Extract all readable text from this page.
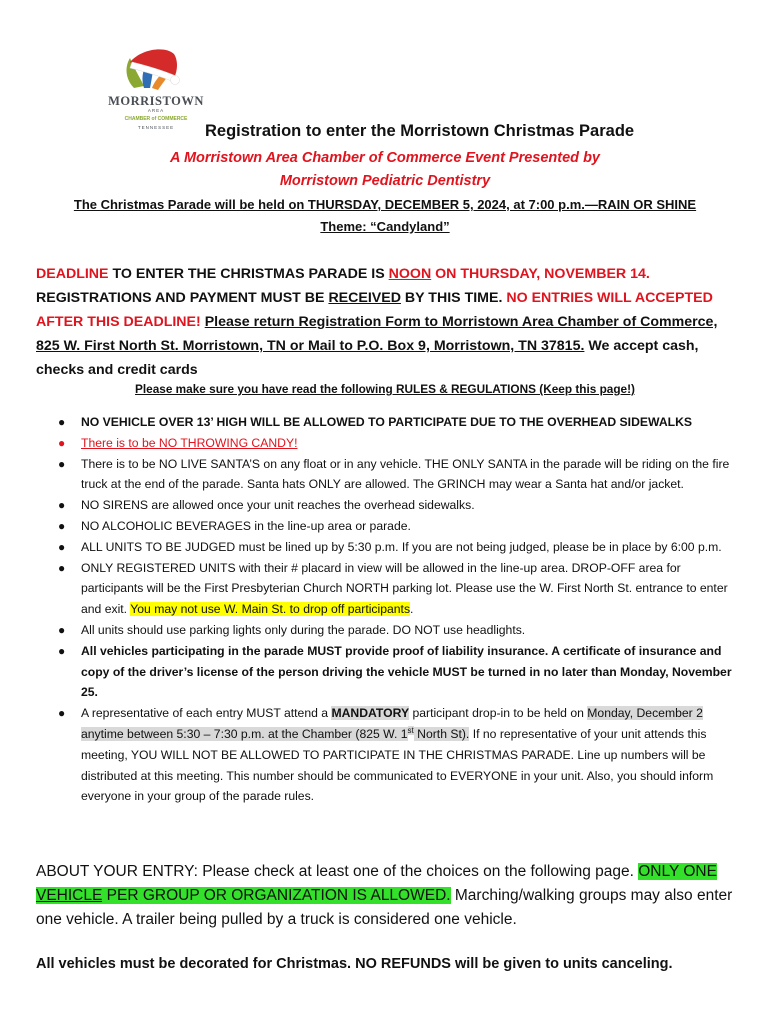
MORRISTOWN
AREA
CHAMBER of COMMERCE
TENNESSEE	Registration to enter the Morristown Christmas Parade
A Morristown Area Chamber of Commerce Event Presented by
Morristown Pediatric Dentistry
The Christmas Parade will be held on THURSDAY, DECEMBER 5, 2024, at 7:00 p.m.—RAIN OR SHINE
Theme: “Candyland”
DEADLINE TO ENTER THE CHRISTMAS PARADE IS NOON ON THURSDAY, NOVEMBER 14.
REGISTRATIONS AND PAYMENT MUST BE RECEIVED BY THIS TIME. NO ENTRIES WILL ACCEPTED AFTER THIS DEADLINE! Please return Registration Form to Morristown Area Chamber of Commerce, 825 W. First North St. Morristown, TN or Mail to P.O. Box 9, Morristown, TN 37815. We accept cash, checks and credit cards
Please make sure you have read the following RULES & REGULATIONS (Keep this page!)
● NO VEHICLE OVER 13’ HIGH WILL BE ALLOWED TO PARTICIPATE DUE TO THE OVERHEAD SIDEWALKS
● There is to be NO THROWING CANDY!
● There is to be NO LIVE SANTA’S on any float or in any vehicle. THE ONLY SANTA in the parade will be riding on the fire truck at the end of the parade. Santa hats ONLY are allowed. The GRINCH may wear a Santa hat and/or jacket.
● NO SIRENS are allowed once your unit reaches the overhead sidewalks.
● NO ALCOHOLIC BEVERAGES in the line-up area or parade.
● ALL UNITS TO BE JUDGED must be lined up by 5:30 p.m. If you are not being judged, please be in place by 6:00 p.m.
● ONLY REGISTERED UNITS with their # placard in view will be allowed in the line-up area. DROP-OFF area for participants will be the First Presbyterian Church NORTH parking lot. Please use the W. First North St. entrance to enter and exit. You may not use W. Main St. to drop off participants.
● All units should use parking lights only during the parade. DO NOT use headlights.
● All vehicles participating in the parade MUST provide proof of liability insurance. A certificate of insurance and copy of the driver’s license of the person driving the vehicle MUST be turned in no later than Monday, November 25.
● A representative of each entry MUST attend a MANDATORY participant drop-in to be held on Monday, December 2 anytime between 5:30 – 7:30 p.m. at the Chamber (825 W. 1st North St). If no representative of your unit attends this meeting, YOU WILL NOT BE ALLOWED TO PARTICIPATE IN THE CHRISTMAS PARADE. Line up numbers will be distributed at this meeting. This number should be communicated to EVERYONE in your unit. Also, you should inform everyone in your group of the parade rules.
ABOUT YOUR ENTRY: Please check at least one of the choices on the following page. ONLY ONE VEHICLE PER GROUP OR ORGANIZATION IS ALLOWED. Marching/walking groups may also enter one vehicle. A trailer being pulled by a truck is considered one vehicle.
All vehicles must be decorated for Christmas. NO REFUNDS will be given to units canceling.
